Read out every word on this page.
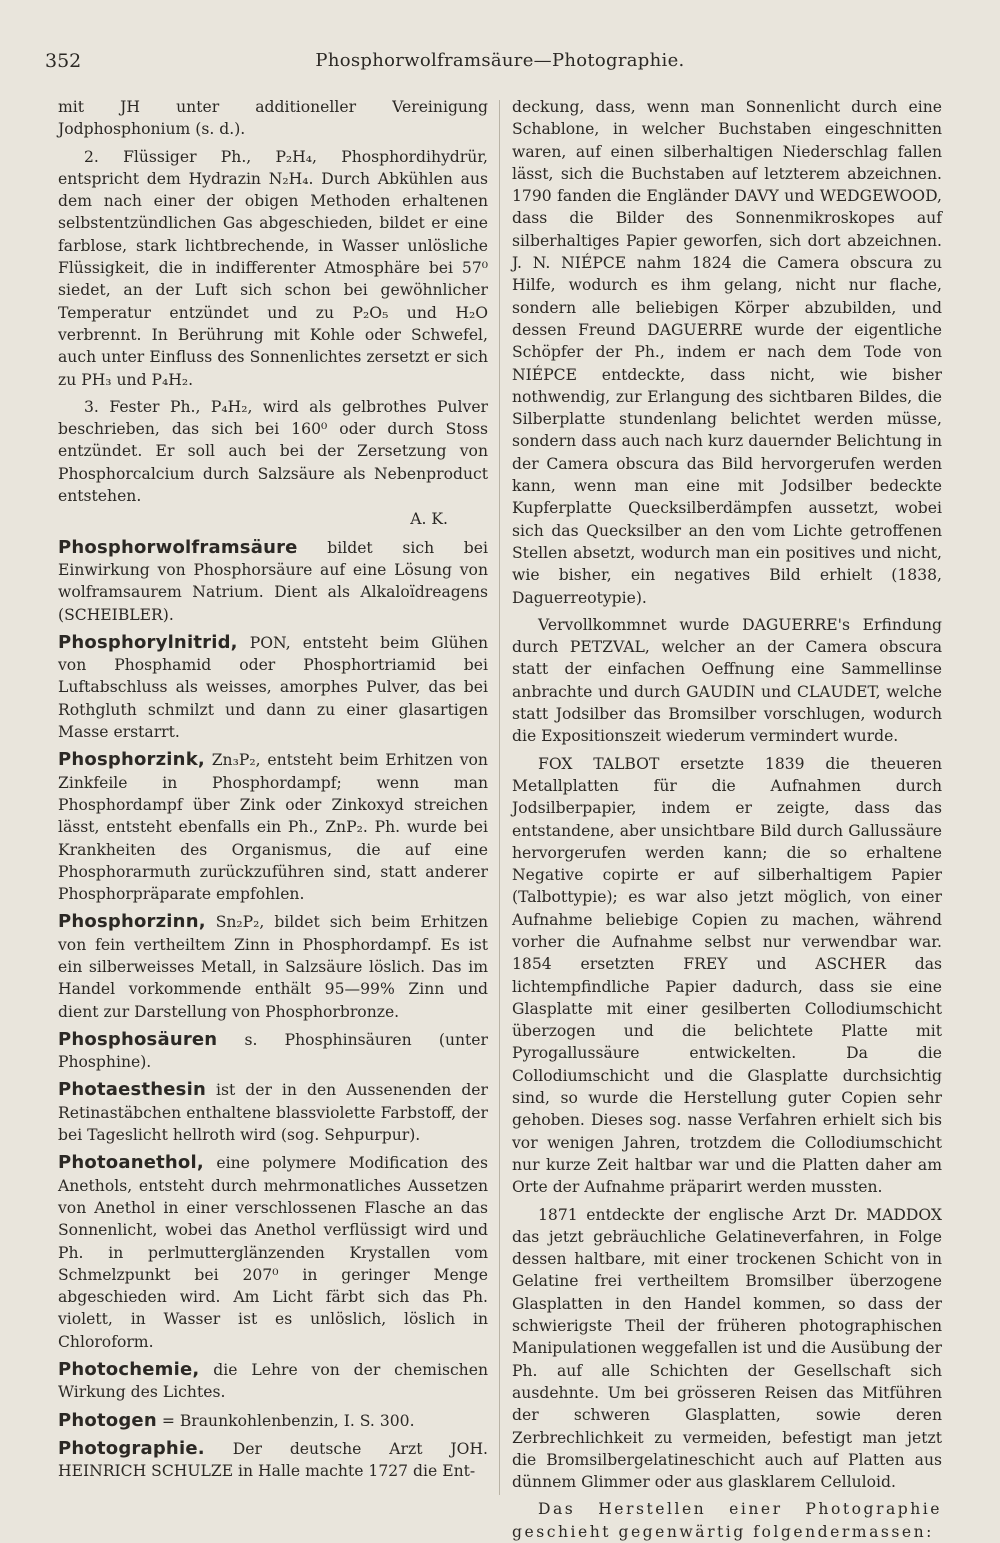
352	Phosphorwolframsäure—Photographie.

mit JH unter additioneller Vereinigung Jodphosphonium (s. d.).

2. Flüssiger Ph., P₂H₄, Phosphordihydrür, entspricht dem Hydrazin N₂H₄. Durch Abkühlen aus dem nach einer der obigen Methoden erhaltenen selbstentzündlichen Gas abgeschieden, bildet er eine farblose, stark lichtbrechende, in Wasser unlösliche Flüssigkeit, die in indifferenter Atmosphäre bei 57⁰ siedet, an der Luft sich schon bei gewöhnlicher Temperatur entzündet und zu P₂O₅ und H₂O verbrennt. In Berührung mit Kohle oder Schwefel, auch unter Einfluss des Sonnenlichtes zersetzt er sich zu PH₃ und P₄H₂.

3. Fester Ph., P₄H₂, wird als gelbrothes Pulver beschrieben, das sich bei 160⁰ oder durch Stoss entzündet. Er soll auch bei der Zersetzung von Phosphorcalcium durch Salzsäure als Nebenproduct entstehen.

A. K.

Phosphorwolframsäure bildet sich bei Einwirkung von Phosphorsäure auf eine Lösung von wolframsaurem Natrium. Dient als Alkaloïdreagens (SCHEIBLER).

Phosphorylnitrid, PON, entsteht beim Glühen von Phosphamid oder Phosphortriamid bei Luftabschluss als weisses, amorphes Pulver, das bei Rothgluth schmilzt und dann zu einer glasartigen Masse erstarrt.

Phosphorzink, Zn₃P₂, entsteht beim Erhitzen von Zinkfeile in Phosphordampf; wenn man Phosphordampf über Zink oder Zinkoxyd streichen lässt, entsteht ebenfalls ein Ph., ZnP₂. Ph. wurde bei Krankheiten des Organismus, die auf eine Phosphorarmuth zurückzuführen sind, statt anderer Phosphorpräparate empfohlen.

Phosphorzinn, Sn₂P₂, bildet sich beim Erhitzen von fein vertheiltem Zinn in Phosphordampf. Es ist ein silberweisses Metall, in Salzsäure löslich. Das im Handel vorkommende enthält 95—99% Zinn und dient zur Darstellung von Phosphorbronze.

Phosphosäuren s. Phosphinsäuren (unter Phosphine).

Photaesthesin ist der in den Aussenenden der Retinastäbchen enthaltene blassviolette Farbstoff, der bei Tageslicht hellroth wird (sog. Sehpurpur).

Photoanethol, eine polymere Modification des Anethols, entsteht durch mehrmonatliches Aussetzen von Anethol in einer verschlossenen Flasche an das Sonnenlicht, wobei das Anethol verflüssigt wird und Ph. in perlmutterglänzenden Krystallen vom Schmelzpunkt bei 207⁰ in geringer Menge abgeschieden wird. Am Licht färbt sich das Ph. violett, in Wasser ist es unlöslich, löslich in Chloroform.

Photochemie, die Lehre von der chemischen Wirkung des Lichtes.

Photogen = Braunkohlenbenzin, I. S. 300.

Photographie. Der deutsche Arzt JOH. HEINRICH SCHULZE in Halle machte 1727 die Ent-

deckung, dass, wenn man Sonnenlicht durch eine Schablone, in welcher Buchstaben eingeschnitten waren, auf einen silberhaltigen Niederschlag fallen lässt, sich die Buchstaben auf letzterem abzeichnen. 1790 fanden die Engländer DAVY und WEDGEWOOD, dass die Bilder des Sonnenmikroskopes auf silberhaltiges Papier geworfen, sich dort abzeichnen. J. N. NIÉPCE nahm 1824 die Camera obscura zu Hilfe, wodurch es ihm gelang, nicht nur flache, sondern alle beliebigen Körper abzubilden, und dessen Freund DAGUERRE wurde der eigentliche Schöpfer der Ph., indem er nach dem Tode von NIÉPCE entdeckte, dass nicht, wie bisher nothwendig, zur Erlangung des sichtbaren Bildes, die Silberplatte stundenlang belichtet werden müsse, sondern dass auch nach kurz dauernder Belichtung in der Camera obscura das Bild hervorgerufen werden kann, wenn man eine mit Jodsilber bedeckte Kupferplatte Quecksilberdämpfen aussetzt, wobei sich das Quecksilber an den vom Lichte getroffenen Stellen absetzt, wodurch man ein positives und nicht, wie bisher, ein negatives Bild erhielt (1838, Daguerreotypie).

Vervollkommnet wurde DAGUERRE's Erfindung durch PETZVAL, welcher an der Camera obscura statt der einfachen Oeffnung eine Sammellinse anbrachte und durch GAUDIN und CLAUDET, welche statt Jodsilber das Bromsilber vorschlugen, wodurch die Expositionszeit wiederum vermindert wurde.

FOX TALBOT ersetzte 1839 die theueren Metallplatten für die Aufnahmen durch Jodsilberpapier, indem er zeigte, dass das entstandene, aber unsichtbare Bild durch Gallussäure hervorgerufen werden kann; die so erhaltene Negative copirte er auf silberhaltigem Papier (Talbottypie); es war also jetzt möglich, von einer Aufnahme beliebige Copien zu machen, während vorher die Aufnahme selbst nur verwendbar war. 1854 ersetzten FREY und ASCHER das lichtempfindliche Papier dadurch, dass sie eine Glasplatte mit einer gesilberten Collodiumschicht überzogen und die belichtete Platte mit Pyrogallussäure entwickelten. Da die Collodiumschicht und die Glasplatte durchsichtig sind, so wurde die Herstellung guter Copien sehr gehoben. Dieses sog. nasse Verfahren erhielt sich bis vor wenigen Jahren, trotzdem die Collodiumschicht nur kurze Zeit haltbar war und die Platten daher am Orte der Aufnahme präparirt werden mussten.

1871 entdeckte der englische Arzt Dr. MADDOX das jetzt gebräuchliche Gelatineverfahren, in Folge dessen haltbare, mit einer trockenen Schicht von in Gelatine frei vertheiltem Bromsilber überzogene Glasplatten in den Handel kommen, so dass der schwierigste Theil der früheren photographischen Manipulationen weggefallen ist und die Ausübung der Ph. auf alle Schichten der Gesellschaft sich ausdehnte. Um bei grösseren Reisen das Mitführen der schweren Glasplatten, sowie deren Zerbrechlichkeit zu vermeiden, befestigt man jetzt die Bromsilbergelatineschicht auch auf Platten aus dünnem Glimmer oder aus glasklarem Celluloid.

Das Herstellen einer Photographie geschieht gegenwärtig folgendermassen:
